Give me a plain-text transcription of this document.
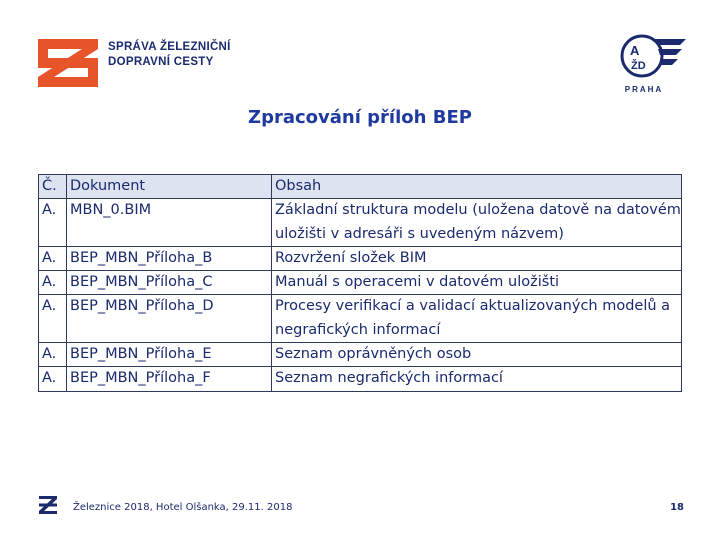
SPRÁVA ŽELEZNIČNÍ
DOPRAVNÍ CESTY
A
ŽD
PRAHA
Zpracování příloh BEP
Č.	Dokument	Obsah
A.	MBN_0.BIM	Základní struktura modelu (uložena datově na datovém uložišti v adresáři s uvedeným názvem)
A.	BEP_MBN_Příloha_B	Rozvržení složek BIM
A.	BEP_MBN_Příloha_C	Manuál s operacemi v datovém uložišti
A.	BEP_MBN_Příloha_D	Procesy verifikací a validací aktualizovaných modelů a negrafických informací
A.	BEP_MBN_Příloha_E	Seznam oprávněných osob
A.	BEP_MBN_Příloha_F	Seznam negrafických informací
Železnice 2018, Hotel Olšanka, 29.11. 2018	18
